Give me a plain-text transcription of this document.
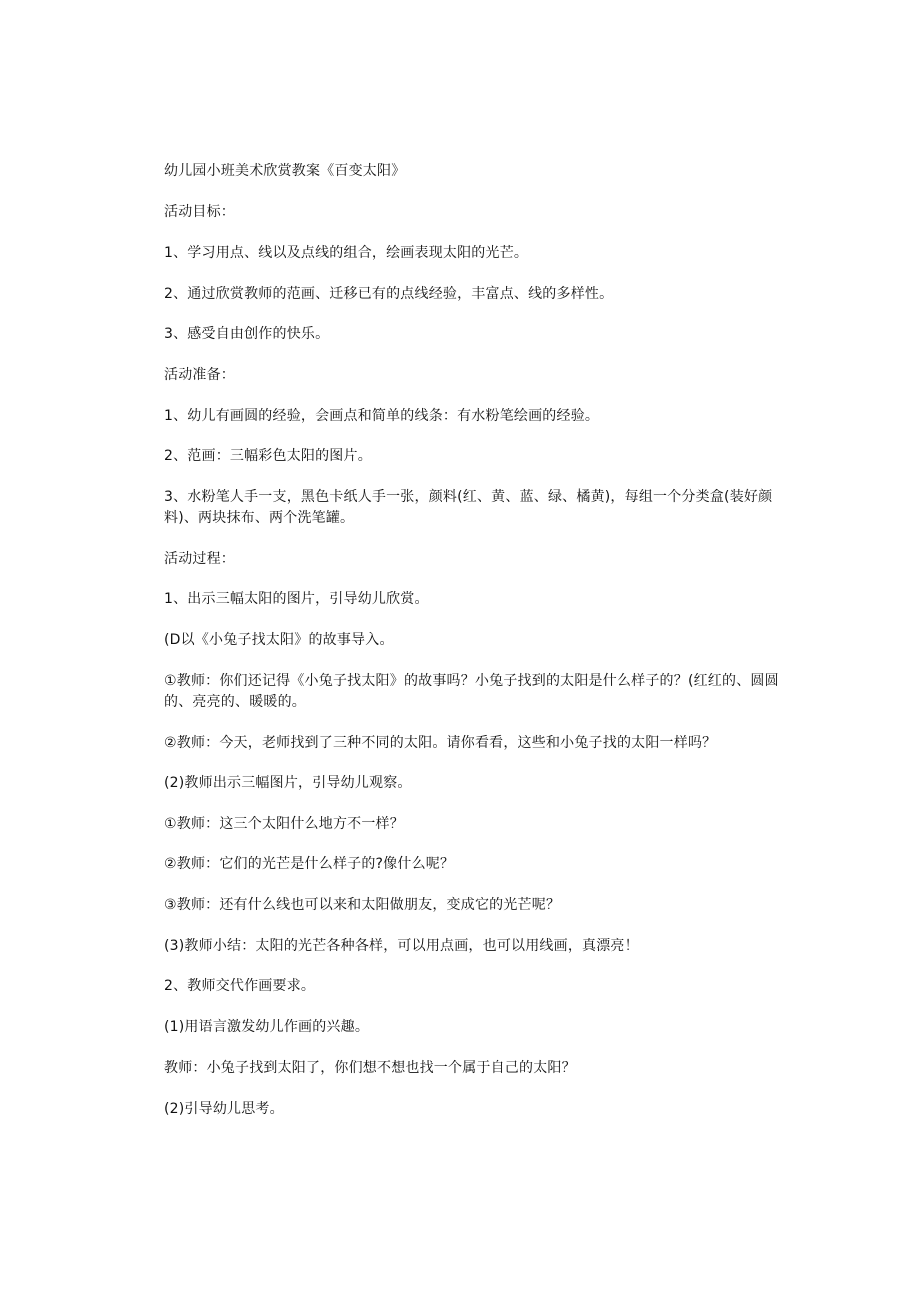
幼儿园小班美术欣赏教案《百变太阳》
活动目标：
1、学习用点、线以及点线的组合，绘画表现太阳的光芒。
2、通过欣赏教师的范画、迁移已有的点线经验，丰富点、线的多样性。
3、感受自由创作的快乐。
活动准备：
1、幼儿有画圆的经验，会画点和简单的线条：有水粉笔绘画的经验。
2、范画：三幅彩色太阳的图片。
3、水粉笔人手一支，黑色卡纸人手一张，颜料(红、黄、蓝、绿、橘黄)，每组一个分类盒(装好颜料)、两块抹布、两个洗笔罐。
活动过程：
1、出示三幅太阳的图片，引导幼儿欣赏。
(D以《小兔子找太阳》的故事导入。
①教师：你们还记得《小兔子找太阳》的故事吗？小兔子找到的太阳是什么样子的？(红红的、圆圆的、亮亮的、暖暖的。
②教师：今天，老师找到了三种不同的太阳。请你看看，这些和小兔子找的太阳一样吗？
(2)教师出示三幅图片，引导幼儿观察。
①教师：这三个太阳什么地方不一样？
②教师：它们的光芒是什么样子的?像什么呢？
③教师：还有什么线也可以来和太阳做朋友，变成它的光芒呢？
(3)教师小结：太阳的光芒各种各样，可以用点画，也可以用线画，真漂亮！
2、教师交代作画要求。
(1)用语言激发幼儿作画的兴趣。
教师：小兔子找到太阳了，你们想不想也找一个属于自己的太阳？
(2)引导幼儿思考。
